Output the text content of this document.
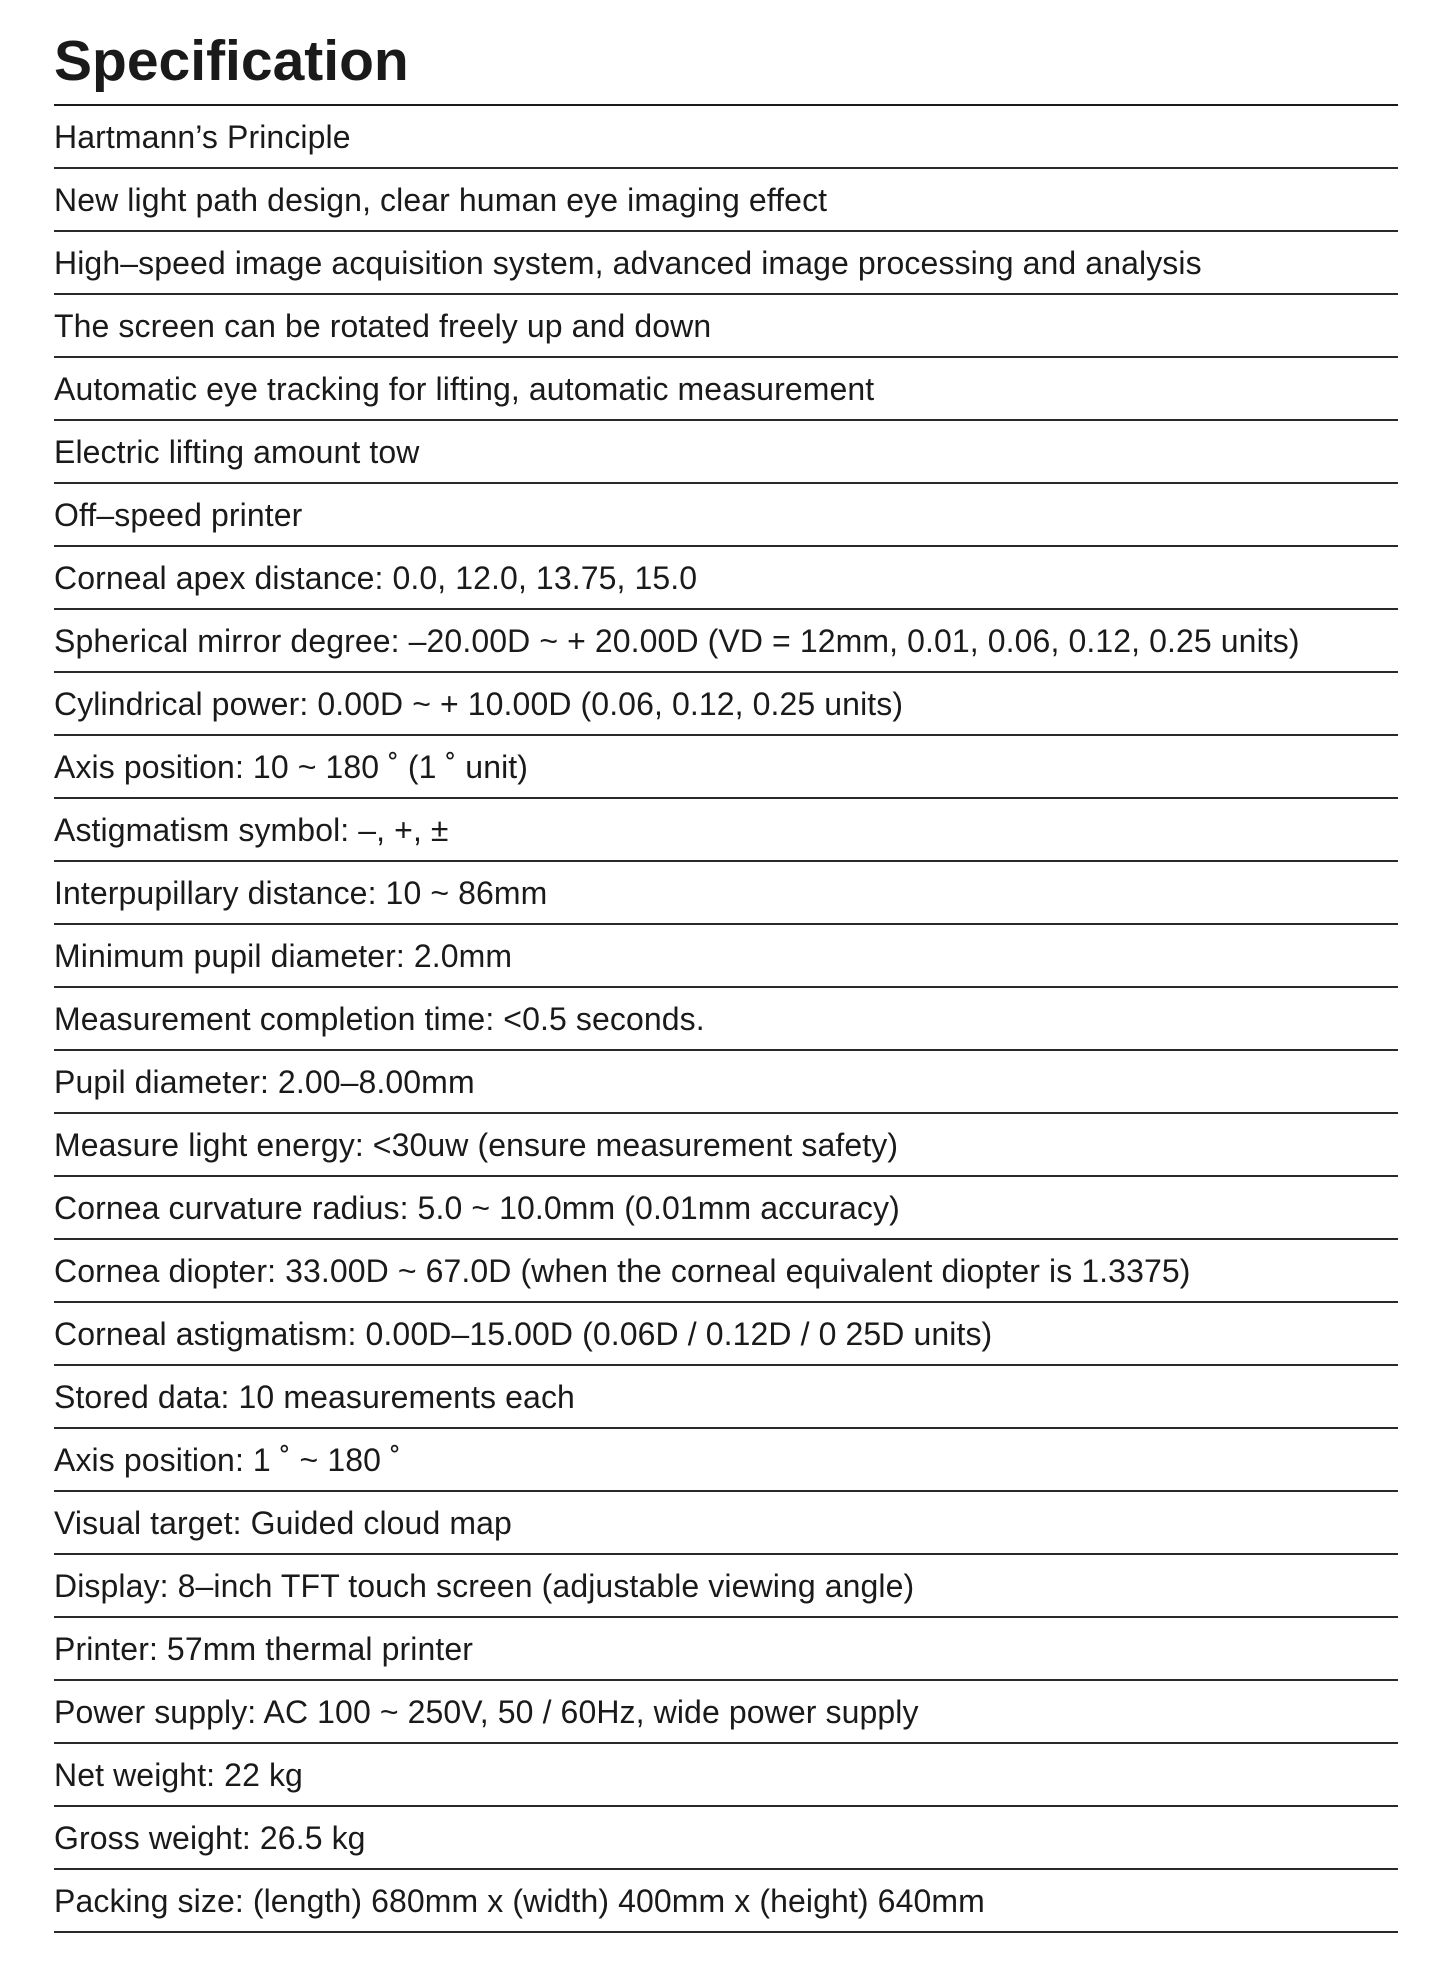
Specification
Hartmann’s Principle
New light path design, clear human eye imaging effect
High–speed image acquisition system, advanced image processing and analysis
The screen can be rotated freely up and down
Automatic eye tracking for lifting, automatic measurement
Electric lifting amount tow
Off–speed printer
Corneal apex distance: 0.0, 12.0, 13.75, 15.0
Spherical mirror degree: –20.00D ~ + 20.00D (VD = 12mm, 0.01, 0.06, 0.12, 0.25 units)
Cylindrical power: 0.00D ~ + 10.00D (0.06, 0.12, 0.25 units)
Axis position: 10 ~ 180 ˚ (1 ˚ unit)
Astigmatism symbol: –, +, ±
Interpupillary distance: 10 ~ 86mm
Minimum pupil diameter: 2.0mm
Measurement completion time: <0.5 seconds.
Pupil diameter: 2.00–8.00mm
Measure light energy: <30uw (ensure measurement safety)
Cornea curvature radius: 5.0 ~ 10.0mm (0.01mm accuracy)
Cornea diopter: 33.00D ~ 67.0D (when the corneal equivalent diopter is 1.3375)
Corneal astigmatism: 0.00D–15.00D (0.06D / 0.12D / 0 25D units)
Stored data: 10 measurements each
Axis position: 1 ˚ ~ 180 ˚
Visual target: Guided cloud map
Display: 8–inch TFT touch screen (adjustable viewing angle)
Printer: 57mm thermal printer
Power supply: AC 100 ~ 250V, 50 / 60Hz, wide power supply
Net weight: 22 kg
Gross weight: 26.5 kg
Packing size: (length) 680mm x (width) 400mm x (height) 640mm
